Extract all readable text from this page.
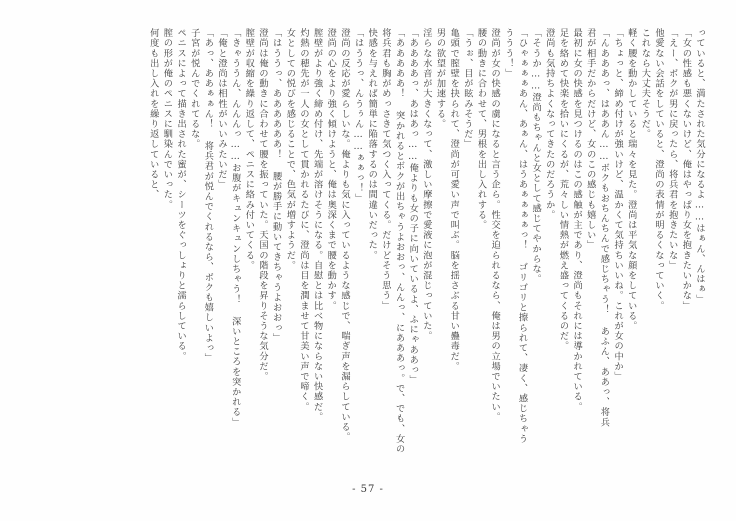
っていると、満たされた気分になるよ……はぁん、んはぁ」
「女の性感も悪くないけど、俺はやっぱり女を抱きたいかな」
「えー、ボクが男に戻ったら、将兵君を抱きたいな」
他愛ない会話をしていると、澄尚の表情が明るくなっていく。
これなら大丈夫そうだ。
軽く腰を動かしていると瑞々を見た。澄尚は平気な顔をしている。
「ちょっと、締め付けが強いけど、温かくて気持ちいいね。これが女の中か」
「んあああっ、はああん……ボクもおちんちんで感じちゃう！ あふん、ああっ、将兵
君が相手だからだけど、女のこの感じも嬉しい」
最初に女の快感を見つけるのはこの感触が主であり、澄尚もそれには導かれている。
足を絡めて快楽を拾いにくるが、荒々しい情熱が燃え盛ってくるのだ。
澄尚も気持ちよくなってきたのだろうか。
「そうか……澄尚もちゃんと女として感じてやからな。
「ひゃぁぁぁあん、あぁん、はうあぁぁぁぁっ！ ゴリゴリと擦られて、凄く、感じちゃう
ううう！」
澄尚が女の快感の虜になると言う企ら。性交を迫られるなら、俺は男の立場でいたい。
腰の動きに合わせて、男根を出し入れする。
「うぉ、目が眩みそうだ」
亀頭で膣壁を抉られて、澄尚が可愛い声で叫ぶ。脳を揺さぶる甘い蠱毒だ。
男の欲望が加速する。
淫らな水音が大きくなって、激しい摩擦で愛液に泡が混じっていた。
「ああああっ、あはあっ……俺よりも女の子に向いているよ、ふにゃああっ」
「あああああ！ 突かれるとボクが出ちゃうよおおっ、んんっ、にあああっ。で、でも、女の
将兵君も胸がめっさきて気つく入ってくる。だけどそう思う」
快感を与えれば簡単に陥落するのは間違いだった。
「はううっ、んうぅん……ぁぁっ！」
澄尚の反応が愛らしいな。俺よりも気に入っているような感じで、喘ぎ声を漏らしている。
澄尚の心をより強く傾けようと、俺は奥深くまで腰を動かす。
膣壁がより強く締め付け、先端が溶けそうになる。自慰とは比べ物にならない快感だ。
灼熱の穂先が一人の女として貫かれるたびに、澄尚は目を潤ませて甘美い声で啼く。
女としての悦びを感じることで、色気が増すようだ。
「はううっ、ああああああ！ 腰が勝手に動いてきちゃうよおおっ」
澄尚は俺の動きに合わせて腰を振っていた。天国の階段を昇りそうな気分だ。
膣壁が収縮を繰り返して、ペニスに絡み付いてくる。
「きゃううん、んんんっ……お腹がキュンキュンしちゃう！ 深いところを突かれる」
「俺と澄尚は相性がいいみたいだ」
「あっ、ああぁぁん！ 将兵君が悦んでくれるなら、ボクも嬉しいよっ」
子宮が悦んでくれてるな。
ペニスによって描き出された蜜が、シーツをぐっしょりと濡らしている。
膣の形が俺のペニスに馴染んでいった。
何度も出し入れを繰り返していると、
- 57 -
